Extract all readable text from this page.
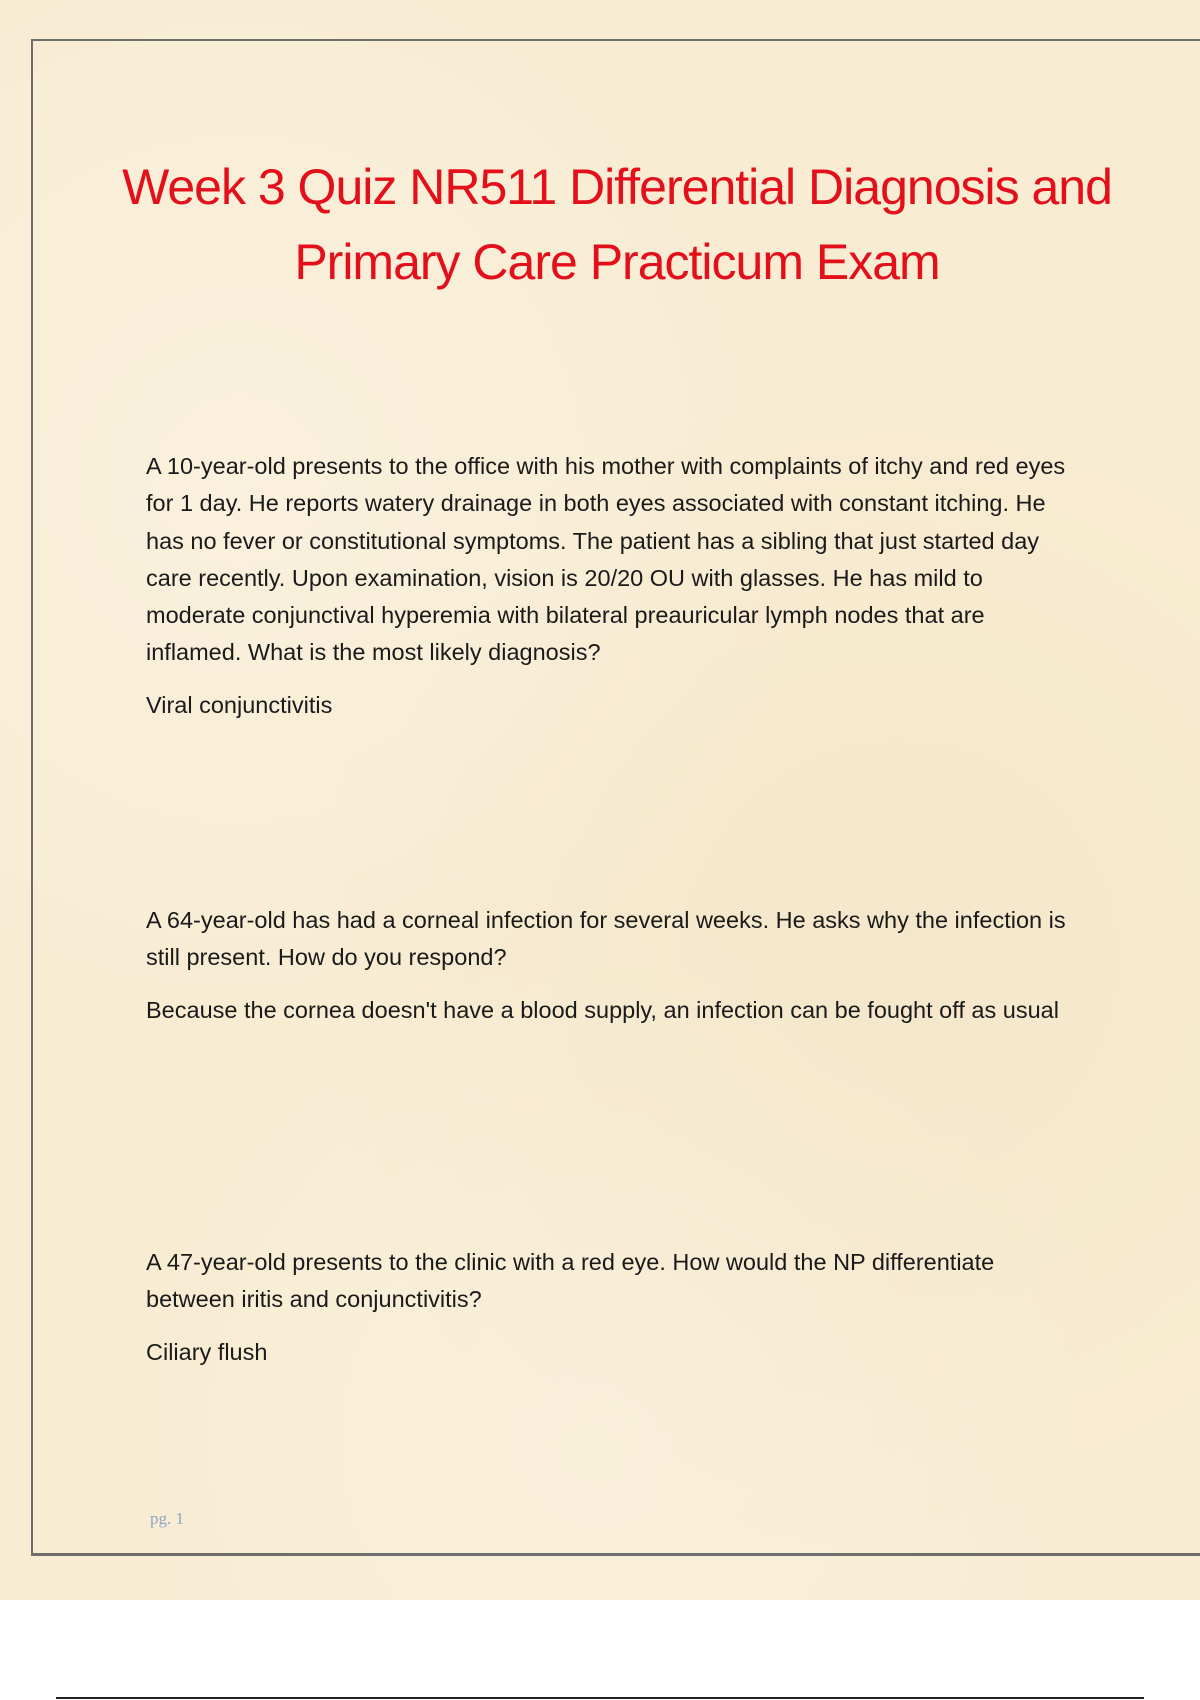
Week 3 Quiz NR511 Differential Diagnosis and Primary Care Practicum Exam

A 10-year-old presents to the office with his mother with complaints of itchy and red eyes for 1 day. He reports watery drainage in both eyes associated with constant itching. He has no fever or constitutional symptoms. The patient has a sibling that just started day care recently. Upon examination, vision is 20/20 OU with glasses. He has mild to moderate conjunctival hyperemia with bilateral preauricular lymph nodes that are inflamed. What is the most likely diagnosis?

Viral conjunctivitis

A 64-year-old has had a corneal infection for several weeks. He asks why the infection is still present. How do you respond?

Because the cornea doesn't have a blood supply, an infection can be fought off as usual

A 47-year-old presents to the clinic with a red eye. How would the NP differentiate between iritis and conjunctivitis?

Ciliary flush

pg. 1
